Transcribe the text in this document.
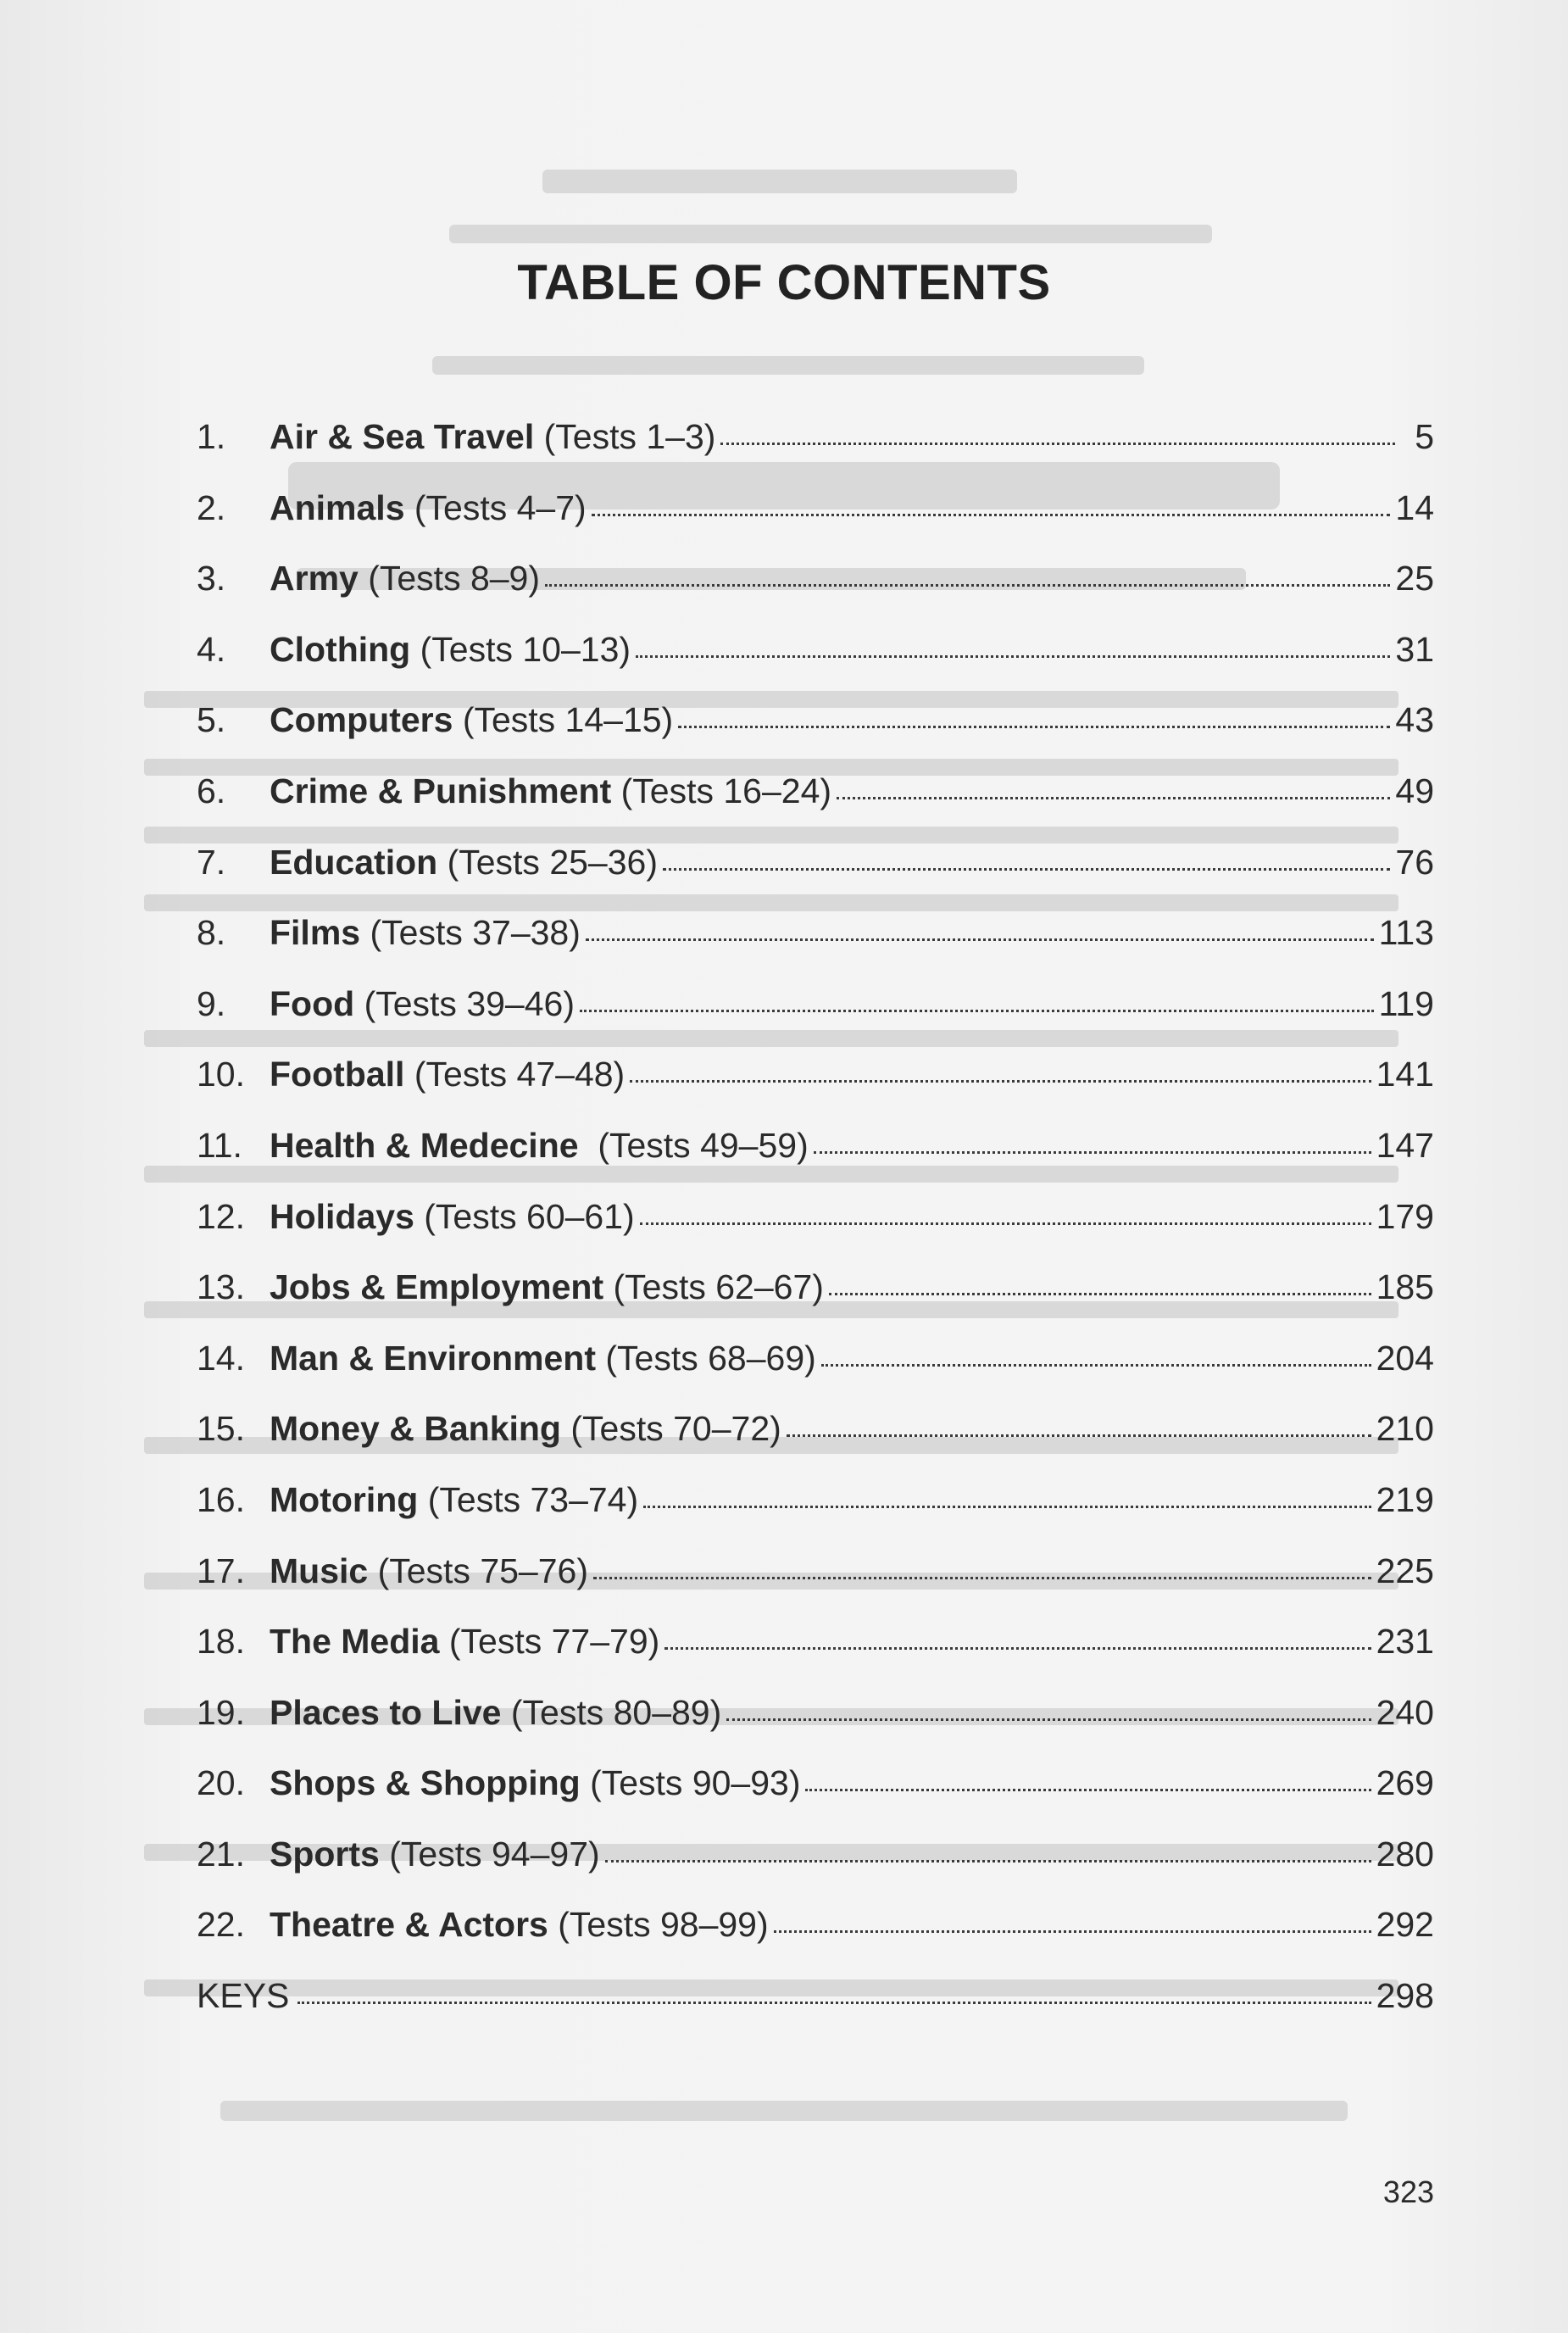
TABLE OF CONTENTS
1.	Air & Sea Travel (Tests 1–3)	5
2.	Animals (Tests 4–7)	14
3.	Army (Tests 8–9)	25
4.	Clothing (Tests 10–13)	31
5.	Computers (Tests 14–15)	43
6.	Crime & Punishment (Tests 16–24)	49
7.	Education (Tests 25–36)	76
8.	Films (Tests 37–38)	113
9.	Food (Tests 39–46)	119
10. Football (Tests 47–48)	141
11. Health & Medecine (Tests 49–59)	147
12. Holidays (Tests 60–61)	179
13. Jobs & Employment (Tests 62–67)	185
14. Man & Environment (Tests 68–69)	204
15. Money & Banking (Tests 70–72)	210
16. Motoring (Tests 73–74)	219
17. Music (Tests 75–76)	225
18. The Media (Tests 77–79)	231
19. Places to Live (Tests 80–89)	240
20. Shops & Shopping (Tests 90–93)	269
21. Sports (Tests 94–97)	280
22. Theatre & Actors (Tests 98–99)	292
KEYS	298
323
